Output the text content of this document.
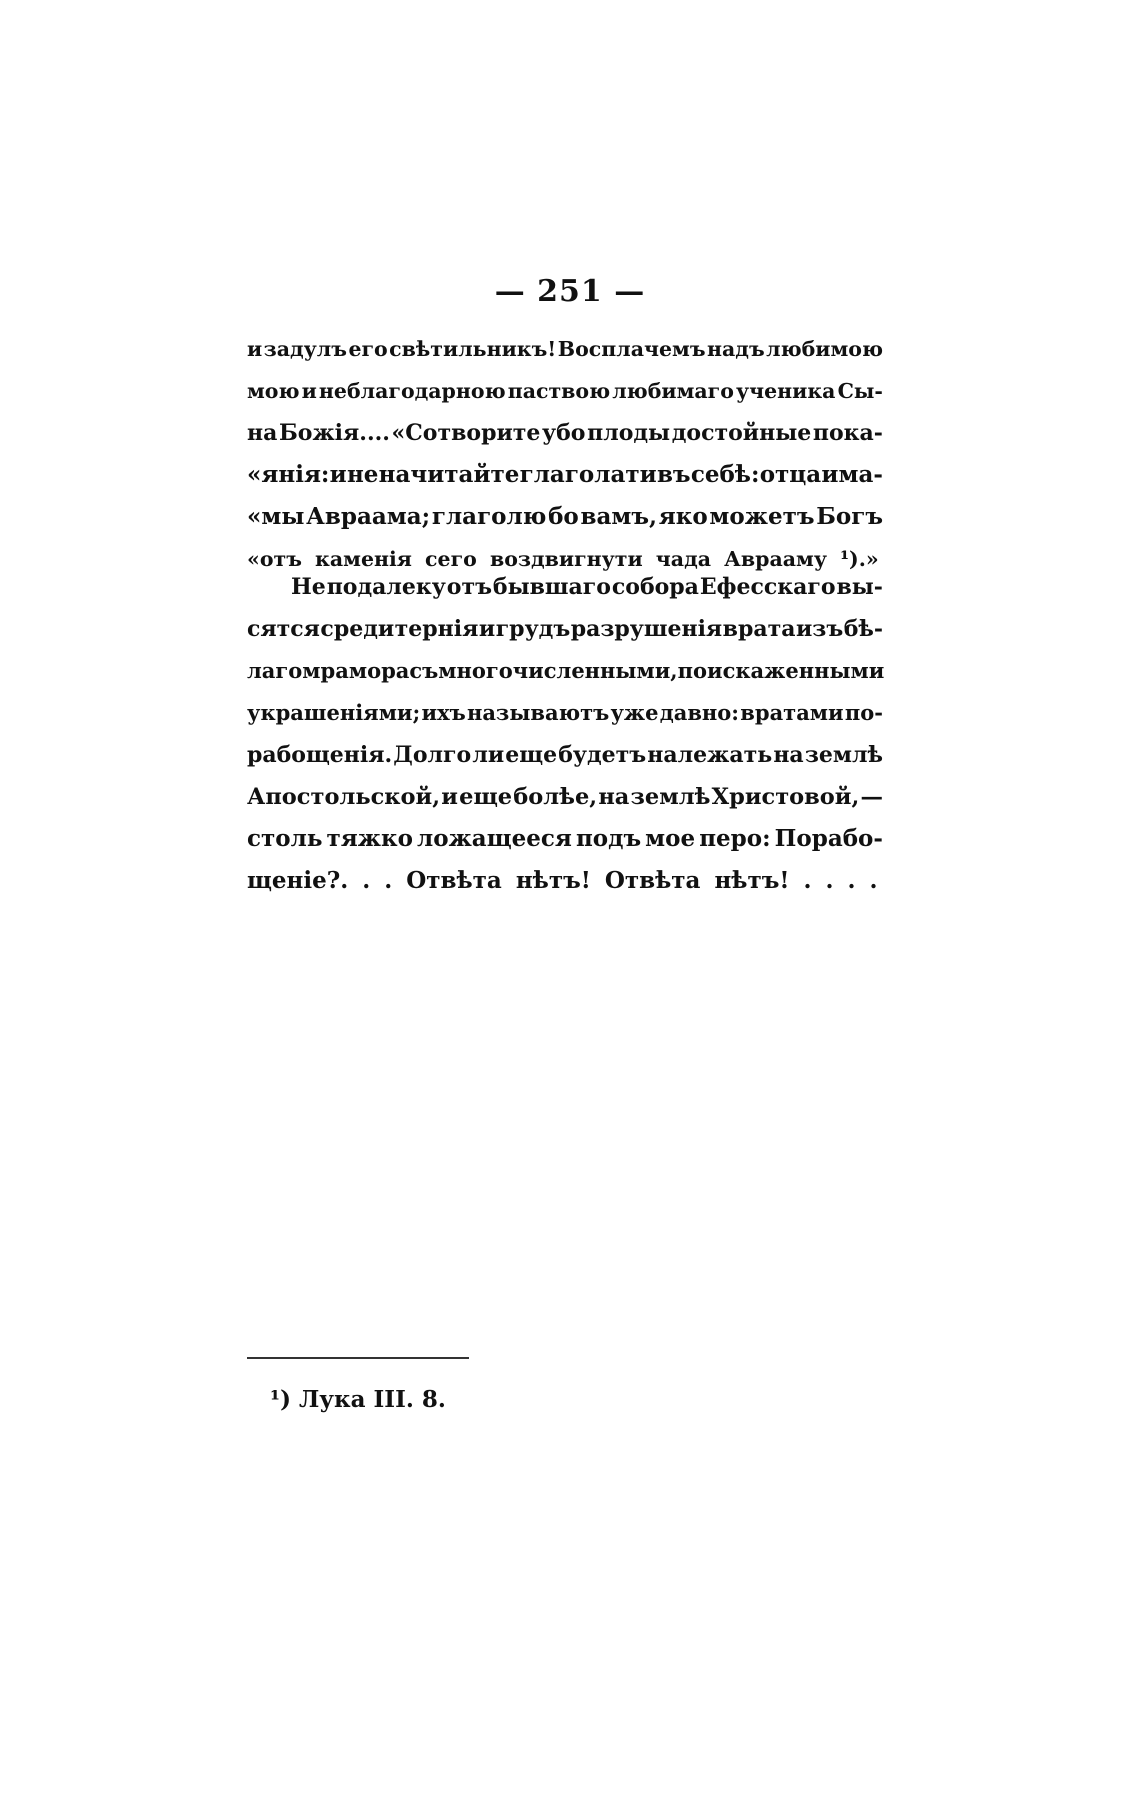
— 251 —
и задулъ его свѣтильникъ! Восплачемъ надъ любимою
мою и неблагодарною паствою любимаго ученика Сы-
на Божія.... «Сотворите убо плоды достойные пока-
«янія: и не начитайте глаголати въ себѣ: отца има-
«мы Авраама; глаголю бо вамъ, яко можетъ Богъ
«отъ каменія сего воздвигнути чада Аврааму ¹).»
Не подалеку отъ бывшаго собора Ефесскаго вы-
сятся среди тернія и грудъ разрушенія врата изъ бѣ-
лаго мрамора съ многочисленными, по искаженными
украшеніями; ихъ называютъ уже давно: вратами по-
рабощенія. Долго ли еще будетъ належать на землѣ
Апостольской, и еще болѣе, на землѣ Христовой, —
столь тяжко ложащееся подъ мое перо: Порабо-
щеніе?. . . Отвѣта нѣтъ! Отвѣта нѣтъ! . . . .
¹) Лука III. 8.
